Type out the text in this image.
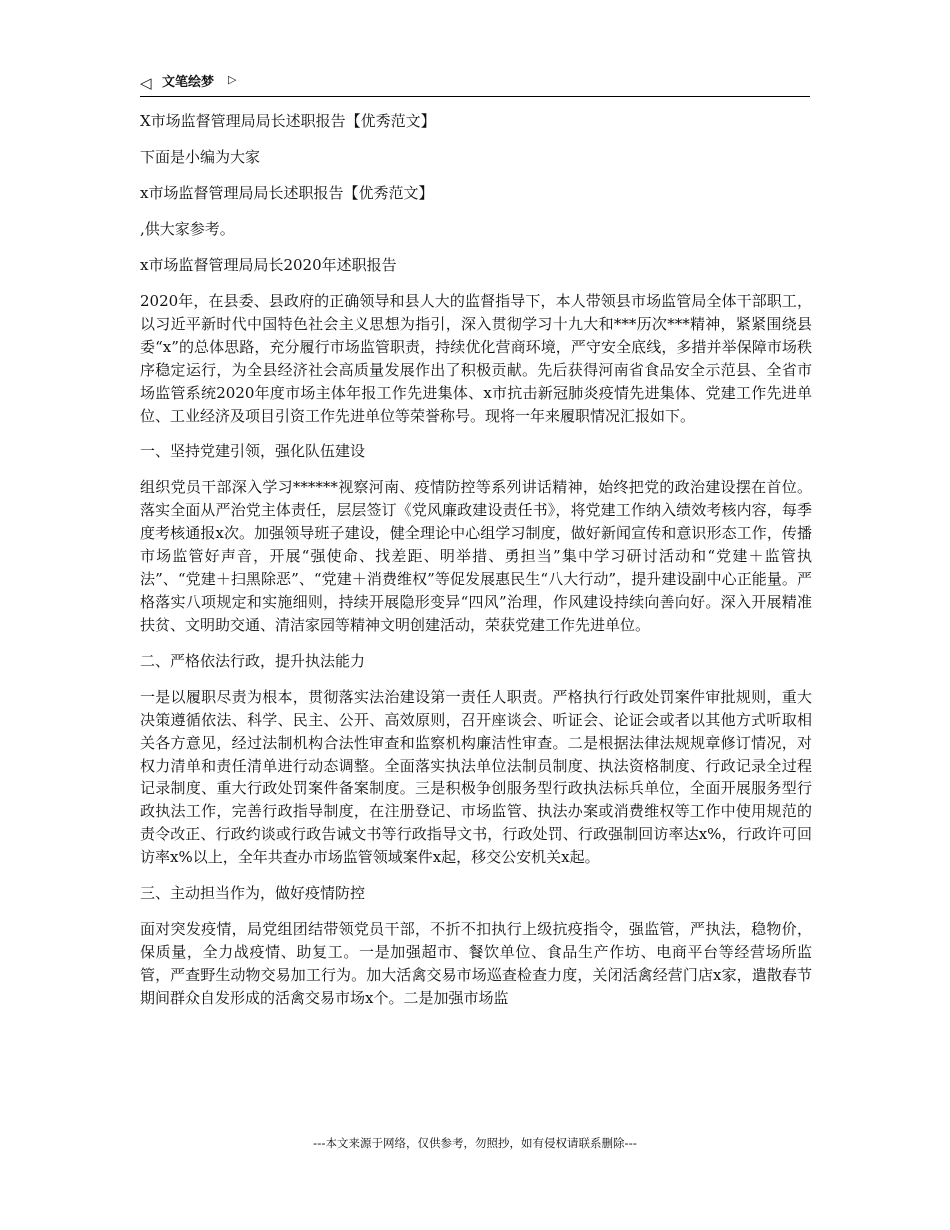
◁ 文笔绘梦 ▷

X市场监督管理局局长述职报告【优秀范文】

下面是小编为大家

x市场监督管理局局长述职报告【优秀范文】

,供大家参考。

x市场监督管理局局长2020年述职报告

2020年，在县委、县政府的正确领导和县人大的监督指导下，本人带领县市场监管局全体干部职工，以习近平新时代中国特色社会主义思想为指引，深入贯彻学习十九大和***历次***精神，紧紧围绕县委“x”的总体思路，充分履行市场监管职责，持续优化营商环境，严守安全底线，多措并举保障市场秩序稳定运行，为全县经济社会高质量发展作出了积极贡献。先后获得河南省食品安全示范县、全省市场监管系统2020年度市场主体年报工作先进集体、x市抗击新冠肺炎疫情先进集体、党建工作先进单位、工业经济及项目引资工作先进单位等荣誉称号。现将一年来履职情况汇报如下。

一、坚持党建引领，强化队伍建设

组织党员干部深入学习******视察河南、疫情防控等系列讲话精神，始终把党的政治建设摆在首位。落实全面从严治党主体责任，层层签订《党风廉政建设责任书》，将党建工作纳入绩效考核内容，每季度考核通报x次。加强领导班子建设，健全理论中心组学习制度，做好新闻宣传和意识形态工作，传播市场监管好声音，开展“强使命、找差距、明举措、勇担当”集中学习研讨活动和“党建＋监管执法”、“党建＋扫黑除恶”、“党建＋消费维权”等促发展惠民生“八大行动”，提升建设副中心正能量。严格落实八项规定和实施细则，持续开展隐形变异“四风”治理，作风建设持续向善向好。深入开展精准扶贫、文明助交通、清洁家园等精神文明创建活动，荣获党建工作先进单位。

二、严格依法行政，提升执法能力

一是以履职尽责为根本，贯彻落实法治建设第一责任人职责。严格执行行政处罚案件审批规则，重大决策遵循依法、科学、民主、公开、高效原则，召开座谈会、听证会、论证会或者以其他方式听取相关各方意见，经过法制机构合法性审查和监察机构廉洁性审查。二是根据法律法规规章修订情况，对权力清单和责任清单进行动态调整。全面落实执法单位法制员制度、执法资格制度、行政记录全过程记录制度、重大行政处罚案件备案制度。三是积极争创服务型行政执法标兵单位，全面开展服务型行政执法工作，完善行政指导制度，在注册登记、市场监管、执法办案或消费维权等工作中使用规范的责令改正、行政约谈或行政告诫文书等行政指导文书，行政处罚、行政强制回访率达x%，行政许可回访率x%以上，全年共查办市场监管领域案件x起，移交公安机关x起。

三、主动担当作为，做好疫情防控

面对突发疫情，局党组团结带领党员干部，不折不扣执行上级抗疫指令，强监管，严执法，稳物价，保质量，全力战疫情、助复工。一是加强超市、餐饮单位、食品生产作坊、电商平台等经营场所监管，严查野生动物交易加工行为。加大活禽交易市场巡查检查力度，关闭活禽经营门店x家，遣散春节期间群众自发形成的活禽交易市场x个。二是加强市场监

---本文来源于网络，仅供参考，勿照抄，如有侵权请联系删除---
